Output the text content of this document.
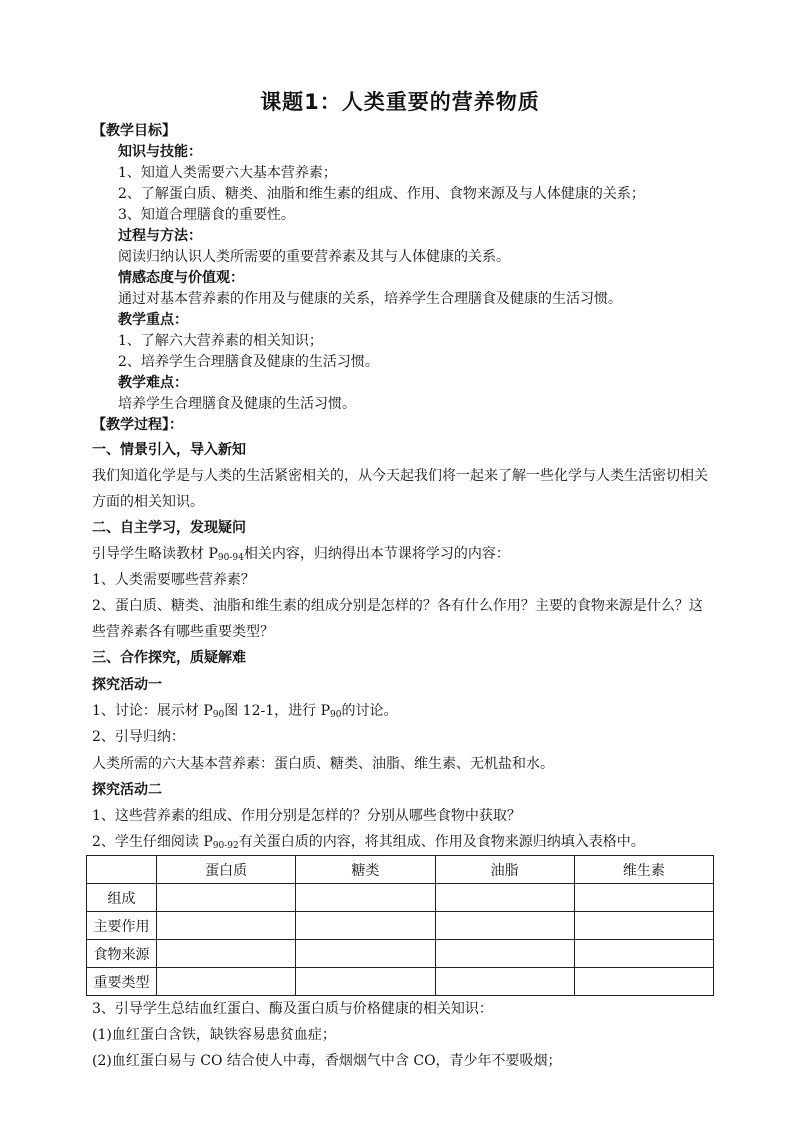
课题1：人类重要的营养物质
【教学目标】
知识与技能：
1、知道人类需要六大基本营养素；
2、了解蛋白质、糖类、油脂和维生素的组成、作用、食物来源及与人体健康的关系；
3、知道合理膳食的重要性。
过程与方法：
阅读归纳认识人类所需要的重要营养素及其与人体健康的关系。
情感态度与价值观：
通过对基本营养素的作用及与健康的关系，培养学生合理膳食及健康的生活习惯。
教学重点：
1、了解六大营养素的相关知识；
2、培养学生合理膳食及健康的生活习惯。
教学难点：
培养学生合理膳食及健康的生活习惯。
【教学过程】：
一、情景引入，导入新知
我们知道化学是与人类的生活紧密相关的，从今天起我们将一起来了解一些化学与人类生活密切相关
方面的相关知识。
二、自主学习，发现疑问
引导学生略读教材 $P_{90-94}$相关内容，归纳得出本节课将学习的内容：
1、人类需要哪些营养素？
2、蛋白质、糖类、油脂和维生素的组成分别是怎样的？各有什么作用？主要的食物来源是什么？这
些营养素各有哪些重要类型？
三、合作探究，质疑解难
探究活动一
1、讨论：展示材 $P_{90}$图 12-1，进行 $P_{90}$的讨论。
2、引导归纳：
人类所需的六大基本营养素：蛋白质、糖类、油脂、维生素、无机盐和水。
探究活动二
1、这些营养素的组成、作用分别是怎样的？分别从哪些食物中获取？
2、学生仔细阅读 $P_{90-92}$有关蛋白质的内容，将其组成、作用及食物来源归纳填入表格中。
	蛋白质	糖类	油脂	维生素
组成				
主要作用				
食物来源				
重要类型				
3、引导学生总结血红蛋白、酶及蛋白质与价格健康的相关知识：
(1)血红蛋白含铁，缺铁容易患贫血症；
(2)血红蛋白易与 CO 结合使人中毒，香烟烟气中含 CO，青少年不要吸烟；
